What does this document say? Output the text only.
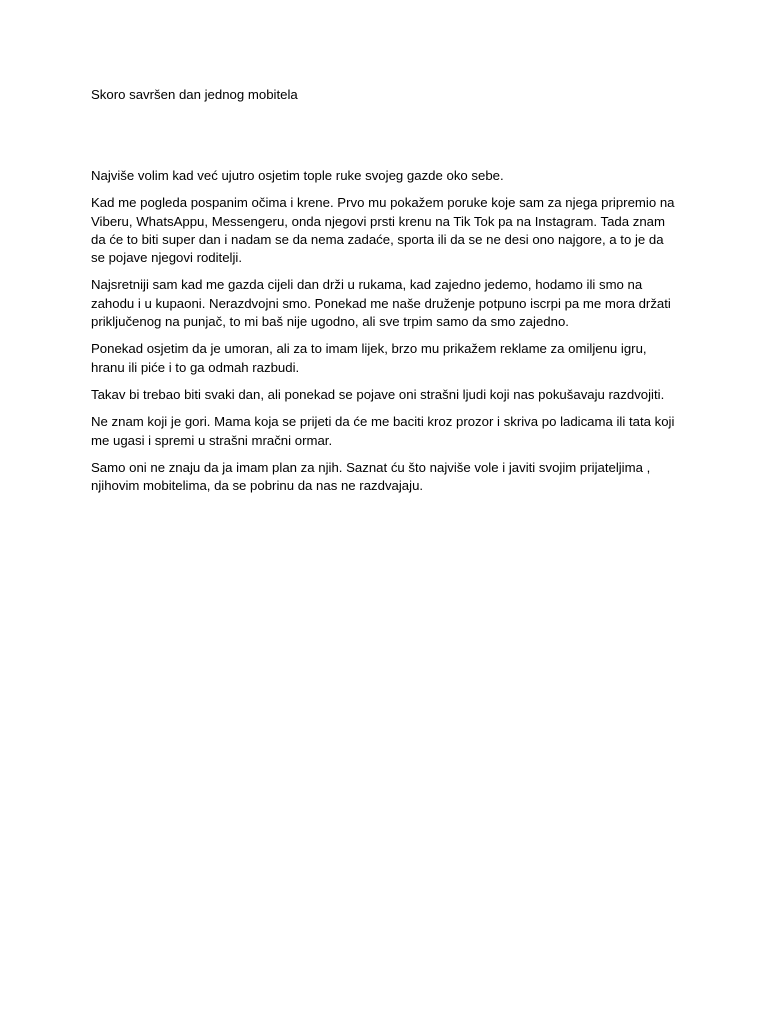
Skoro savršen dan jednog mobitela

Najviše volim kad već ujutro osjetim tople ruke svojeg gazde oko sebe.

Kad me pogleda pospanim očima i krene. Prvo mu pokažem poruke koje sam za njega pripremio na Viberu, WhatsAppu, Messengeru, onda njegovi prsti krenu na Tik Tok pa na Instagram. Tada znam da će to biti super dan i nadam se da nema zadaće, sporta ili da se ne desi ono najgore, a to je da se pojave njegovi roditelji.

Najsretniji sam kad me gazda cijeli dan drži u rukama, kad zajedno jedemo, hodamo ili smo na zahodu i u kupaoni. Nerazdvojni smo. Ponekad me naše druženje potpuno iscrpi pa me mora držati priključenog na punjač, to mi baš nije ugodno, ali sve trpim samo da smo zajedno.

Ponekad osjetim da je umoran, ali za to imam lijek, brzo mu prikažem reklame za omiljenu igru, hranu ili piće i to ga odmah razbudi.

Takav bi trebao biti svaki dan, ali ponekad se pojave oni strašni ljudi koji nas pokušavaju razdvojiti.

Ne znam koji je gori. Mama koja se prijeti da će me baciti kroz prozor i skriva po ladicama ili tata koji me ugasi i spremi u strašni mračni ormar.

Samo oni ne znaju da ja imam plan za njih. Saznat ću što najviše vole i javiti svojim prijateljima , njihovim mobitelima, da se pobrinu da nas ne razdvajaju.
